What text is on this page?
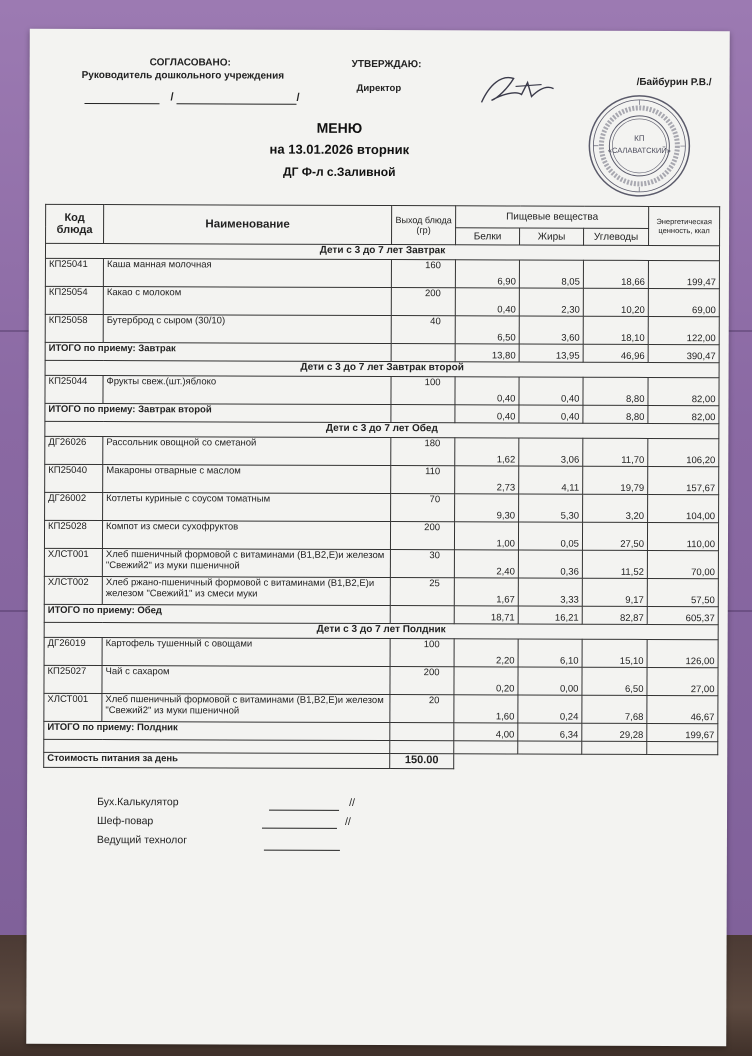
СОГЛАСОВАНО:
Руководитель дошкольного учреждения
/	/
УТВЕРЖДАЮ:
Директор
/Байбурин Р.В./
КП
«САЛАВАТСКИЙ»
МЕНЮ
на 13.01.2026 вторник
ДГ Ф-л с.Заливной
Код блюда	Наименование	Выход блюда (гр)	Пищевые вещества			Энергетическая ценность, ккал
			Белки	Жиры	Углеводы	
Дети с 3 до 7 лет Завтрак						
КП25041	Каша манная молочная	160	6,90	8,05	18,66	199,47
КП25054	Какао с молоком	200	0,40	2,30	10,20	69,00
КП25058	Бутерброд с сыром (30/10)	40	6,50	3,60	18,10	122,00
ИТОГО по приему: Завтрак			13,80	13,95	46,96	390,47
Дети с 3 до 7 лет Завтрак второй						
КП25044	Фрукты свеж.(шт.)яблоко	100	0,40	0,40	8,80	82,00
ИТОГО по приему: Завтрак второй			0,40	0,40	8,80	82,00
Дети с 3 до 7 лет Обед						
ДГ26026	Рассольник овощной со сметаной	180	1,62	3,06	11,70	106,20
КП25040	Макароны отварные с маслом	110	2,73	4,11	19,79	157,67
ДГ26002	Котлеты куриные с соусом томатным	70	9,30	5,30	3,20	104,00
КП25028	Компот из смеси сухофруктов	200	1,00	0,05	27,50	110,00
ХЛСТ001	Хлеб пшеничный формовой с витаминами (В1,В2,Е)и железом "Свежий2" из муки пшеничной	30	2,40	0,36	11,52	70,00
ХЛСТ002	Хлеб ржано-пшеничный формовой с витаминами (В1,В2,Е)и железом "Свежий1" из смеси муки	25	1,67	3,33	9,17	57,50
ИТОГО по приему: Обед			18,71	16,21	82,87	605,37
Дети с 3 до 7 лет Полдник						
ДГ26019	Картофель тушенный с овощами	100	2,20	6,10	15,10	126,00
КП25027	Чай с сахаром	200	0,20	0,00	6,50	27,00
ХЛСТ001	Хлеб пшеничный формовой с витаминами (В1,В2,Е)и железом "Свежий2" из муки пшеничной	20	1,60	0,24	7,68	46,67
ИТОГО по приему: Полдник			4,00	6,34	29,28	199,67

Стоимость питания за день		150.00				
Бух.Калькулятор	//
Шеф-повар	//
Ведущий технолог
